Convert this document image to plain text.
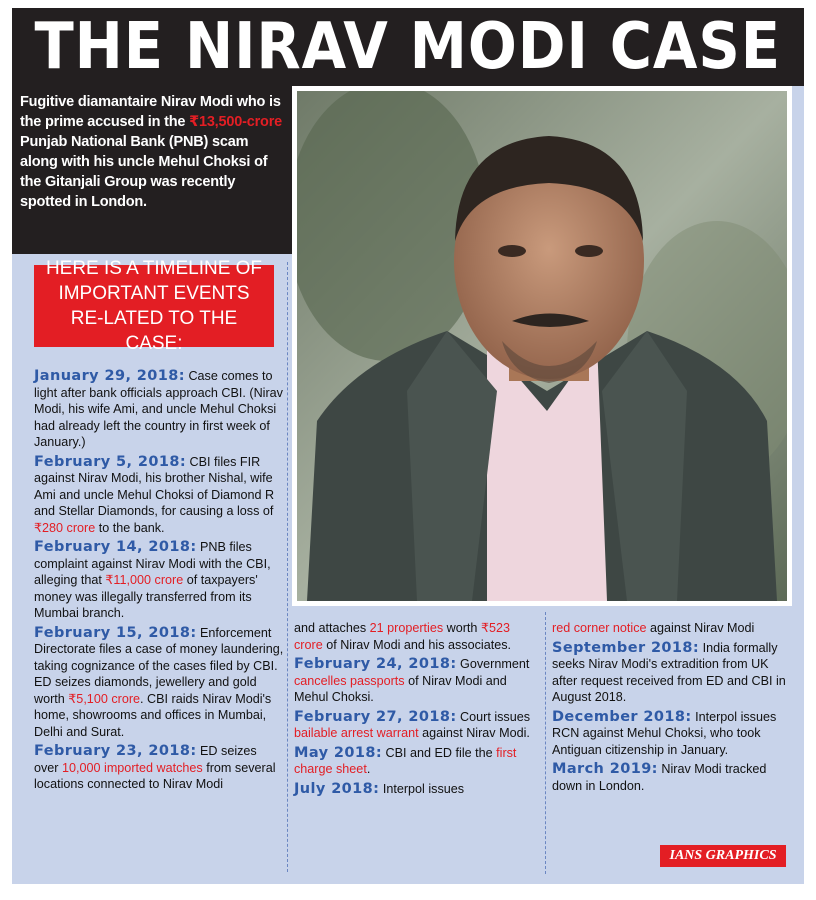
THE NIRAV MODI CASE
Fugitive diamantaire Nirav Modi who is the prime accused in the ₹13,500-crore Punjab National Bank (PNB) scam along with his uncle Mehul Choksi of the Gitanjali Group was recently spotted in London.
HERE IS A TIMELINE OF IMPORTANT EVENTS RE-LATED TO THE CASE:
January 29, 2018: Case comes to light after bank officials approach CBI. (Nirav Modi, his wife Ami, and uncle Mehul Choksi had already left the country in first week of January.)
February 5, 2018: CBI files FIR against Nirav Modi, his brother Nishal, wife Ami and uncle Mehul Choksi of Diamond R and Stellar Diamonds, for causing a loss of ₹280 crore to the bank.
February 14, 2018: PNB files complaint against Nirav Modi with the CBI, alleging that ₹11,000 crore of taxpayers' money was illegally transferred from its Mumbai branch.
February 15, 2018: Enforcement Directorate files a case of money laundering, taking cognizance of the cases filed by CBI. ED seizes diamonds, jewellery and gold worth ₹5,100 crore. CBI raids Nirav Modi's home, showrooms and offices in Mumbai, Delhi and Surat.
February 23, 2018: ED seizes over 10,000 imported watches from several locations connected to Nirav Modi
and attaches 21 properties worth ₹523 crore of Nirav Modi and his associates.
February 24, 2018: Government cancelles passports of Nirav Modi and Mehul Choksi.
February 27, 2018: Court issues bailable arrest warrant against Nirav Modi.
May 2018: CBI and ED file the first charge sheet.
July 2018: Interpol issues
red corner notice against Nirav Modi
September 2018: India formally seeks Nirav Modi's extradition from UK after request received from ED and CBI in August 2018.
December 2018: Interpol issues RCN against Mehul Choksi, who took Antiguan citizenship in January.
March 2019: Nirav Modi tracked down in London.
IANS GRAPHICS
